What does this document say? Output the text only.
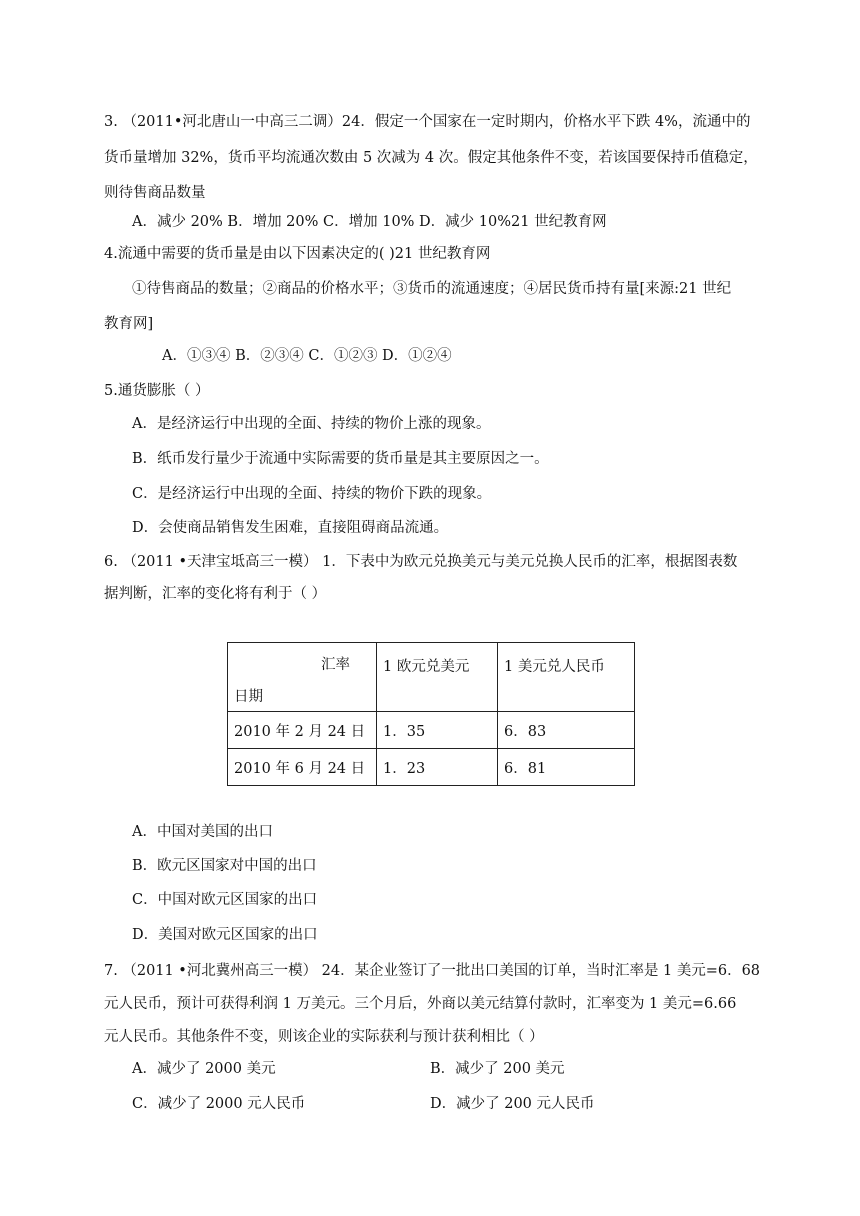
3. （2011•河北唐山一中高三二调）24．假定一个国家在一定时期内，价格水平下跌 4%，流通中的
货币量增加 32%，货币平均流通次数由 5 次减为 4 次。假定其他条件不变，若该国要保持币值稳定，
则待售商品数量
A．减少 20% B．增加 20% C．增加 10% D．减少 10%21 世纪教育网
4.流通中需要的货币量是由以下因素决定的( )21 世纪教育网
①待售商品的数量；②商品的价格水平；③货币的流通速度；④居民货币持有量[来源:21 世纪
教育网]
A．①③④ B．②③④ C．①②③ D．①②④
5.通货膨胀（ ）
A．是经济运行中出现的全面、持续的物价上涨的现象。
B．纸币发行量少于流通中实际需要的货币量是其主要原因之一。
C．是经济运行中出现的全面、持续的物价下跌的现象。
D．会使商品销售发生困难，直接阻碍商品流通。
6. （2011 •天津宝坻高三一模） 1．下表中为欧元兑换美元与美元兑换人民币的汇率，根据图表数
据判断，汇率的变化将有利于（ ）
汇率
日期	1 欧元兑美元	1 美元兑人民币

2010 年 2 月 24 日	1．35	6．83
2010 年 6 月 24 日	1．23	6．81
A．中国对美国的出口
B．欧元区国家对中国的出口
C．中国对欧元区国家的出口
D．美国对欧元区国家的出口
7. （2011 •河北冀州高三一模） 24．某企业签订了一批出口美国的订单，当时汇率是 1 美元=6．68
元人民币，预计可获得利润 1 万美元。三个月后，外商以美元结算付款时，汇率变为 1 美元=6.66
元人民币。其他条件不变，则该企业的实际获利与预计获利相比（ ）
A．减少了 2000 美元	B．减少了 200 美元
C．减少了 2000 元人民币	D．减少了 200 元人民币
